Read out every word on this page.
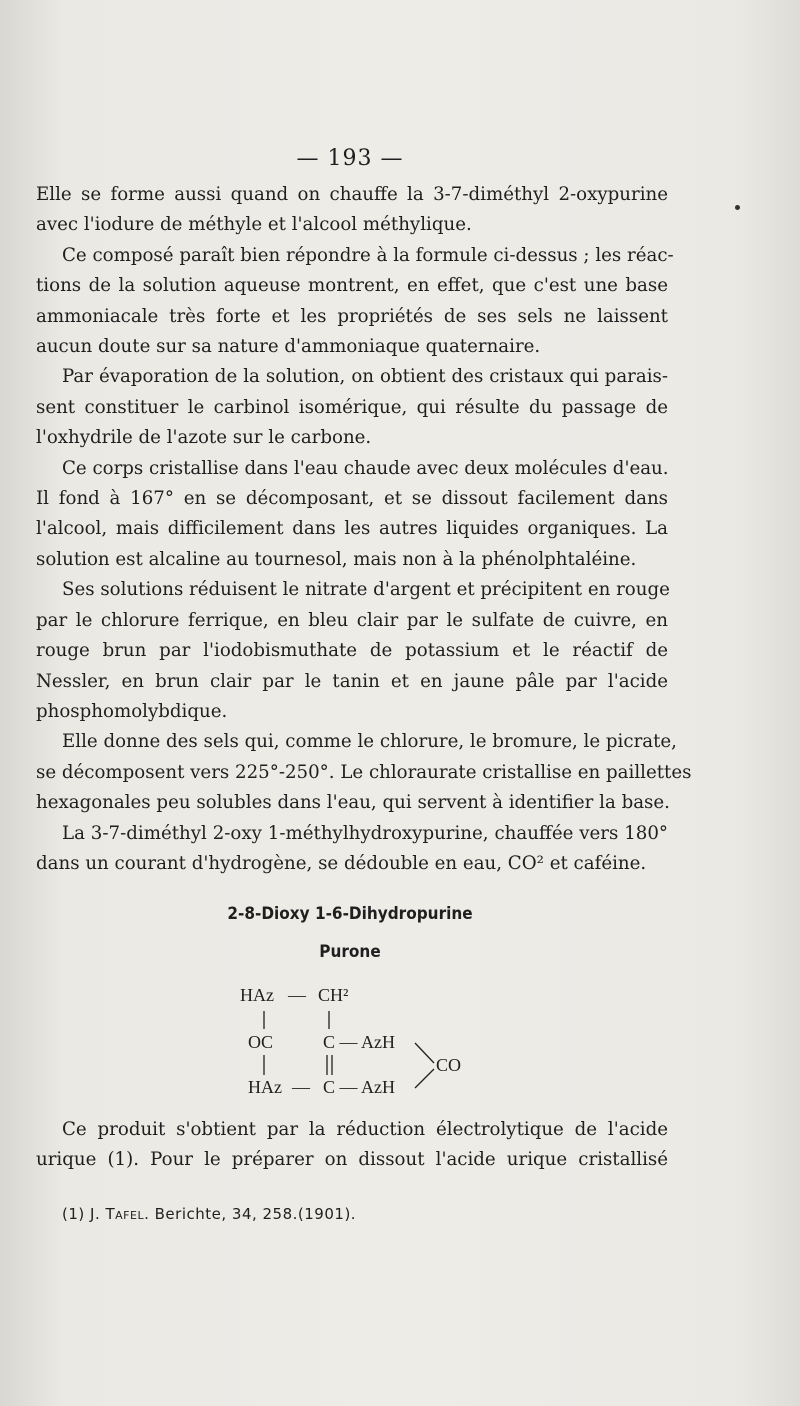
— 193 —

Elle se forme aussi quand on chauffe la 3-7-diméthyl 2-oxypurine
avec l'iodure de méthyle et l'alcool méthylique.

Ce composé paraît bien répondre à la formule ci-dessus ; les réac-
tions de la solution aqueuse montrent, en effet, que c'est une base
ammoniacale très forte et les propriétés de ses sels ne laissent
aucun doute sur sa nature d'ammoniaque quaternaire.

Par évaporation de la solution, on obtient des cristaux qui parais-
sent constituer le carbinol isomérique, qui résulte du passage de
l'oxhydrile de l'azote sur le carbone.

Ce corps cristallise dans l'eau chaude avec deux molécules d'eau.
Il fond à 167° en se décomposant, et se dissout facilement dans
l'alcool, mais difficilement dans les autres liquides organiques. La
solution est alcaline au tournesol, mais non à la phénolphtaléine.

Ses solutions réduisent le nitrate d'argent et précipitent en rouge
par le chlorure ferrique, en bleu clair par le sulfate de cuivre, en
rouge brun par l'iodobismuthate de potassium et le réactif de
Nessler, en brun clair par le tanin et en jaune pâle par l'acide
phosphomolybdique.

Elle donne des sels qui, comme le chlorure, le bromure, le picrate,
se décomposent vers 225°-250°. Le chloraurate cristallise en paillettes
hexagonales peu solubles dans l'eau, qui servent à identifier la base.

La 3-7-diméthyl 2-oxy 1-méthylhydroxypurine, chauffée vers 180°
dans un courant d'hydrogène, se dédouble en eau, CO² et caféine.

2-8-Dioxy 1-6-Dihydropurine
Purone
HAz — CH²
OC	C — AzH
CO
HAz — C — AzH

Ce produit s'obtient par la réduction électrolytique de l'acide
urique (1). Pour le préparer on dissout l'acide urique cristallisé

(1) J. Tafel. Berichte, 34, 258.(1901).
